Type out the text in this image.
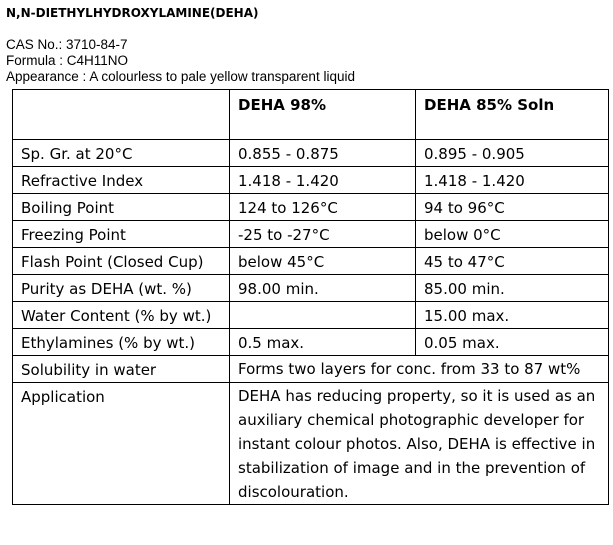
N,N-DIETHYLHYDROXYLAMINE(DEHA)
CAS No.: 3710-84-7
Formula : C4H11NO
Appearance : A colourless to pale yellow transparent liquid
	DEHA 98%	DEHA 85% Soln
Sp. Gr. at 20°C	0.855 - 0.875	0.895 - 0.905
Refractive Index	1.418 - 1.420	1.418 - 1.420
Boiling Point	124 to 126°C	94 to 96°C
Freezing Point	-25 to -27°C	below 0°C
Flash Point (Closed Cup)	below 45°C	45 to 47°C
Purity as DEHA (wt. %)	98.00 min.	85.00 min.
Water Content (% by wt.)		15.00 max.
Ethylamines (% by wt.)	0.5 max.	0.05 max.
Solubility in water	Forms two layers for conc. from 33 to 87 wt%	
Application	DEHA has reducing property, so it is used as an auxiliary chemical photographic developer for instant colour photos. Also, DEHA is effective in stabilization of image and in the prevention of discolouration.	
